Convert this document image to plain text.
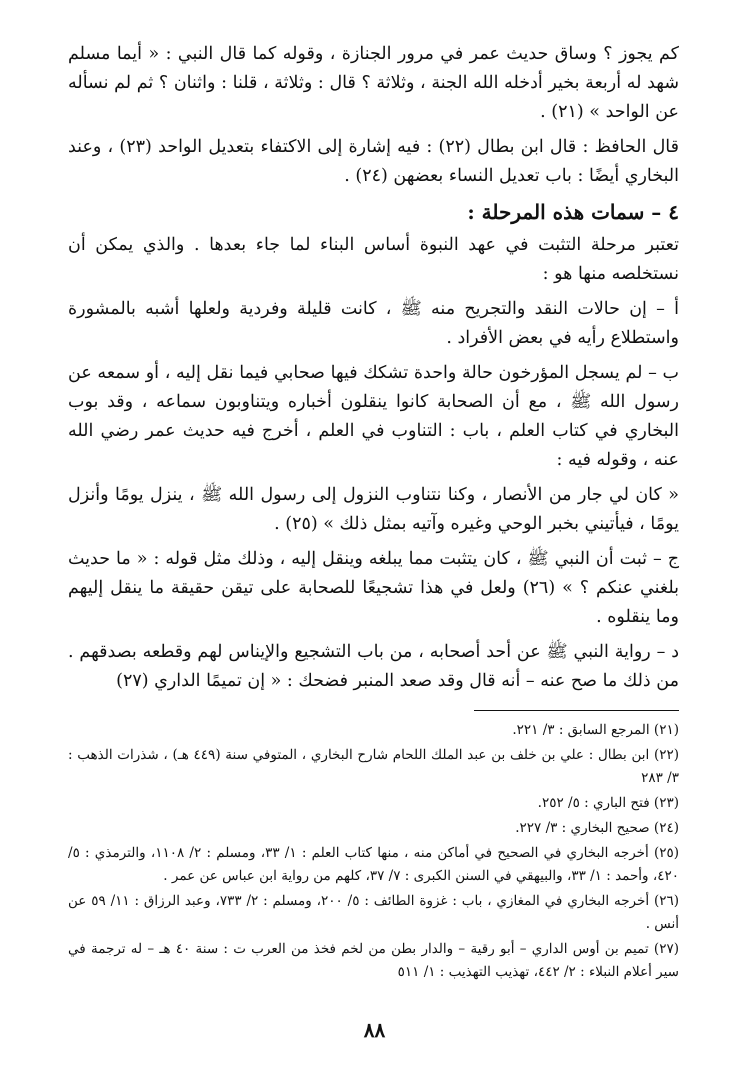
كم يجوز ؟ وساق حديث عمر في مرور الجنازة ، وقوله كما قال النبي : « أيما مسلم شهد له أربعة بخير أدخله الله الجنة ، وثلاثة ؟ قال : وثلاثة ، قلنا : واثنان ؟ ثم لم نسأله عن الواحد » (٢١) .

قال الحافظ : قال ابن بطال (٢٢) : فيه إشارة إلى الاكتفاء بتعديل الواحد (٢٣) ، وعند البخاري أيضًا : باب تعديل النساء بعضهن (٢٤) .

٤ – سمات هذه المرحلة :

تعتبر مرحلة التثبت في عهد النبوة أساس البناء لما جاء بعدها . والذي يمكن أن نستخلصه منها هو :

أ – إن حالات النقد والتجريح منه ﷺ ، كانت قليلة وفردية ولعلها أشبه بالمشورة واستطلاع رأيه في بعض الأفراد .

ب – لم يسجل المؤرخون حالة واحدة تشكك فيها صحابي فيما نقل إليه ، أو سمعه عن رسول الله ﷺ ، مع أن الصحابة كانوا ينقلون أخباره ويتناوبون سماعه ، وقد بوب البخاري في كتاب العلم ، باب : التناوب في العلم ، أخرج فيه حديث عمر رضي الله عنه ، وقوله فيه :

« كان لي جار من الأنصار ، وكنا نتناوب النزول إلى رسول الله ﷺ ، ينزل يومًا وأنزل يومًا ، فيأتيني بخبر الوحي وغيره وآتيه بمثل ذلك » (٢٥) .

ج – ثبت أن النبي ﷺ ، كان يتثبت مما يبلغه وينقل إليه ، وذلك مثل قوله : « ما حديث بلغني عنكم ؟ » (٢٦) ولعل في هذا تشجيعًا للصحابة على تيقن حقيقة ما ينقل إليهم وما ينقلوه .

د – رواية النبي ﷺ عن أحد أصحابه ، من باب التشجيع والإيناس لهم وقطعه بصدقهم . من ذلك ما صح عنه – أنه قال وقد صعد المنبر فضحك : « إن تميمًا الداري (٢٧)

(٢١) المرجع السابق : ٣/ ٢٢١.
(٢٢) ابن بطال : علي بن خلف بن عبد الملك اللحام شارح البخاري ، المتوفي سنة (٤٤٩ هـ) ، شذرات الذهب : ٣/ ٢٨٣
(٢٣) فتح الباري : ٥/ ٢٥٢.
(٢٤) صحيح البخاري : ٣/ ٢٢٧.
(٢٥) أخرجه البخاري في الصحيح في أماكن منه ، منها كتاب العلم : ١/ ٣٣، ومسلم : ٢/ ١١٠٨، والترمذي : ٥/ ٤٢٠، وأحمد : ١/ ٣٣، والبيهقي في السنن الكبرى : ٧/ ٣٧، كلهم من رواية ابن عباس عن عمر .
(٢٦) أخرجه البخاري في المغازي ، باب : غزوة الطائف : ٥/ ٢٠٠، ومسلم : ٢/ ٧٣٣، وعبد الرزاق : ١١/ ٥٩ عن أنس .
(٢٧) تميم بن أوس الداري – أبو رقية – والدار بطن من لخم فخذ من العرب ت : سنة ٤٠ هـ – له ترجمة في سير أعلام النبلاء : ٢/ ٤٤٢، تهذيب التهذيب : ١/ ٥١١
٨٨
